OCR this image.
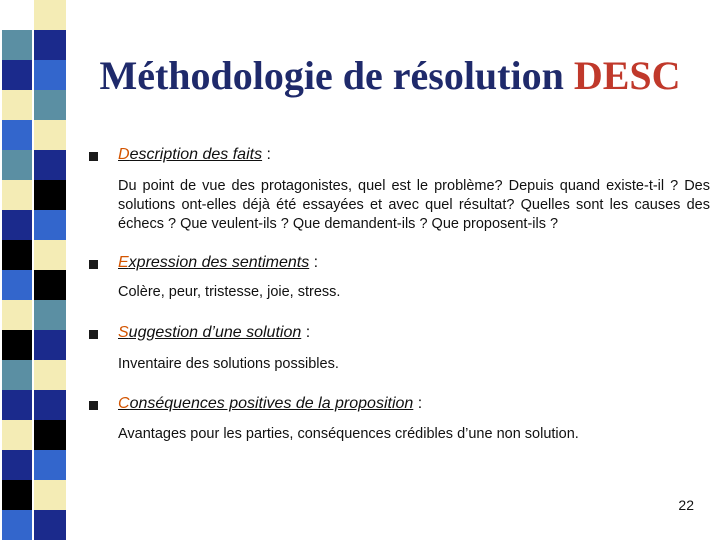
Méthodologie de résolution DESC
Description des faits :

Du point de vue des protagonistes, quel est le problème? Depuis quand existe-t-il ? Des solutions ont-elles déjà été essayées et avec quel résultat? Quelles sont les causes des échecs ? Que veulent-ils ? Que demandent-ils ? Que proposent-ils ?

Expression des sentiments :

Colère, peur, tristesse, joie, stress.

Suggestion d’une solution :

Inventaire des solutions possibles.

Conséquences positives de la proposition :

Avantages pour les parties, conséquences crédibles d’une non solution.

22
